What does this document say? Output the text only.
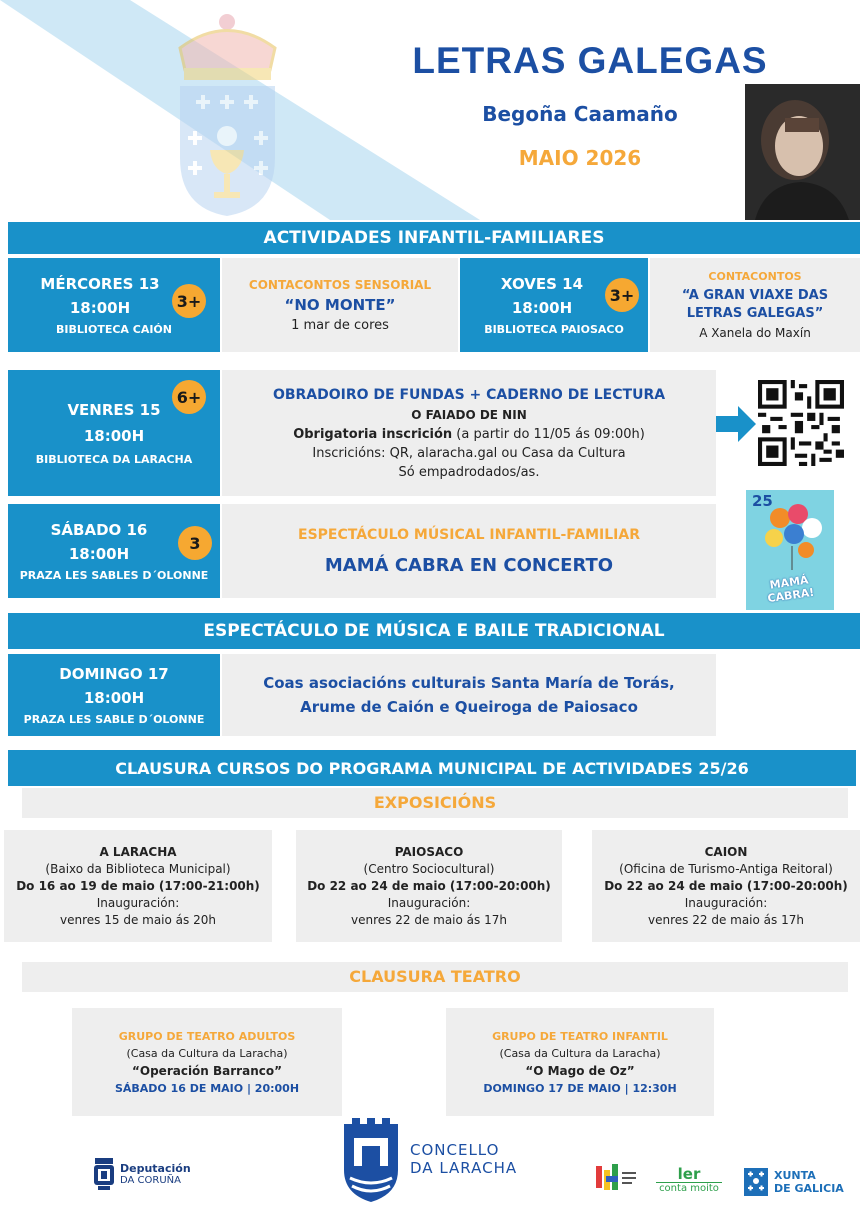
LETRAS GALEGAS
Begoña Caamaño
MAIO 2026
ACTIVIDADES INFANTIL-FAMILIARES
MÉRCORES 13
18:00H
BIBLIOTECA CAIÓN
3+
CONTACONTOS SENSORIAL
“NO MONTE”
1 mar de cores
XOVES 14
18:00H
BIBLIOTECA PAIOSACO
3+
CONTACONTOS
“A GRAN VIAXE DAS LETRAS GALEGAS”
A Xanela do Maxín
VENRES 15
18:00H
BIBLIOTECA DA LARACHA
6+	OBRADOIRO DE FUNDAS + CADERNO DE LECTURA
O FAIADO DE NIN
Obrigatoria inscrición (a partir do 11/05 ás 09:00h)
Inscricións: QR, alaracha.gal ou Casa da Cultura
Só empadrodados/as.
SÁBADO 16
18:00H
PRAZA LES SABLES D´OLONNE
3	ESPECTÁCULO MÚSICAL INFANTIL-FAMILIAR
MAMÁ CABRA EN CONCERTO
25
MAMÁ CABRA!
ESPECTÁCULO DE MÚSICA E BAILE TRADICIONAL
DOMINGO 17
18:00H
PRAZA LES SABLE D´OLONNE
Coas asociacións culturais Santa María de Torás,
Arume de Caión e Queiroga de Paiosaco
CLAUSURA CURSOS DO PROGRAMA MUNICIPAL DE ACTIVIDADES 25/26
EXPOSICIÓNS
A LARACHA
(Baixo da Biblioteca Municipal)
Do 16 ao 19 de maio (17:00-21:00h)
Inauguración:
venres 15 de maio ás 20h
PAIOSACO
(Centro Sociocultural)
Do 22 ao 24 de maio (17:00-20:00h)
Inauguración:
venres 22 de maio ás 17h
CAION
(Oficina de Turismo-Antiga Reitoral)
Do 22 ao 24 de maio (17:00-20:00h)
Inauguración:
venres 22 de maio ás 17h
CLAUSURA TEATRO
GRUPO DE TEATRO ADULTOS
(Casa da Cultura da Laracha)
“Operación Barranco”
SÁBADO 16 DE MAIO | 20:00H
GRUPO DE TEATRO INFANTIL
(Casa da Cultura da Laracha)
“O Mago de Oz”
DOMINGO 17 DE MAIO | 12:30H
Deputación
DA CORUÑA
CONCELLO
DA LARACHA	ler
conta moito
XUNTA
DE GALICIA
